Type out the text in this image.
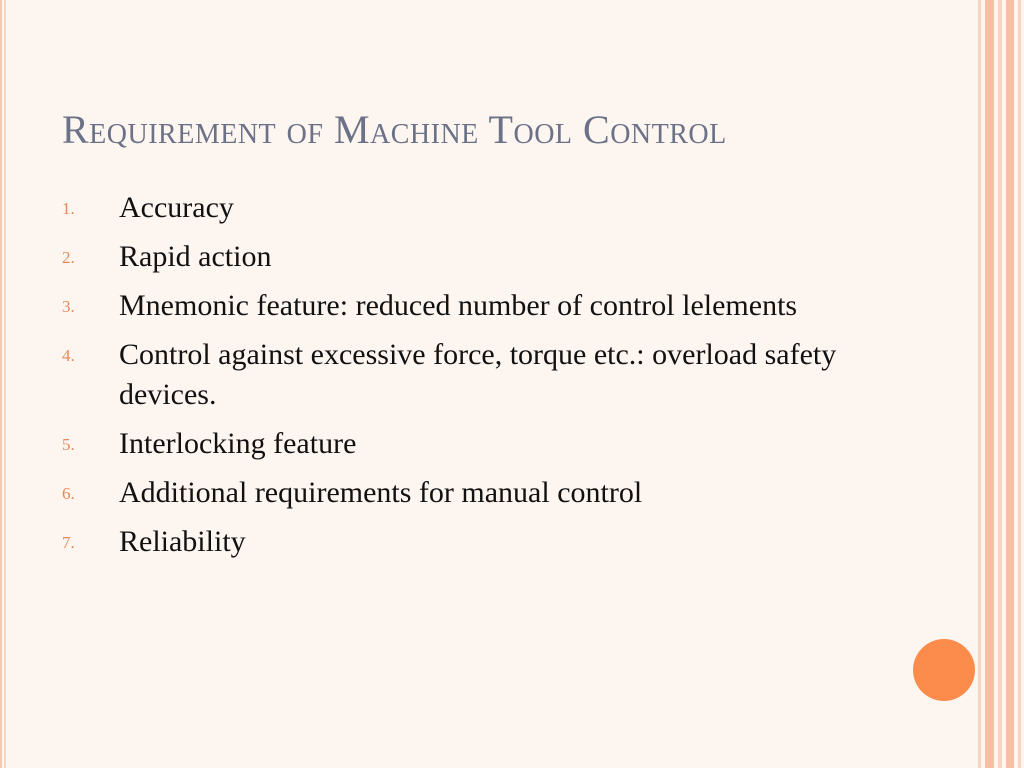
Requirement of Machine Tool Control
1.	Accuracy
2.	Rapid action
3.	Mnemonic feature: reduced number of control lelements
4.	Control against excessive force, torque etc.: overload safety devices.
5.	Interlocking feature
6.	Additional requirements for manual control
7.	Reliability
